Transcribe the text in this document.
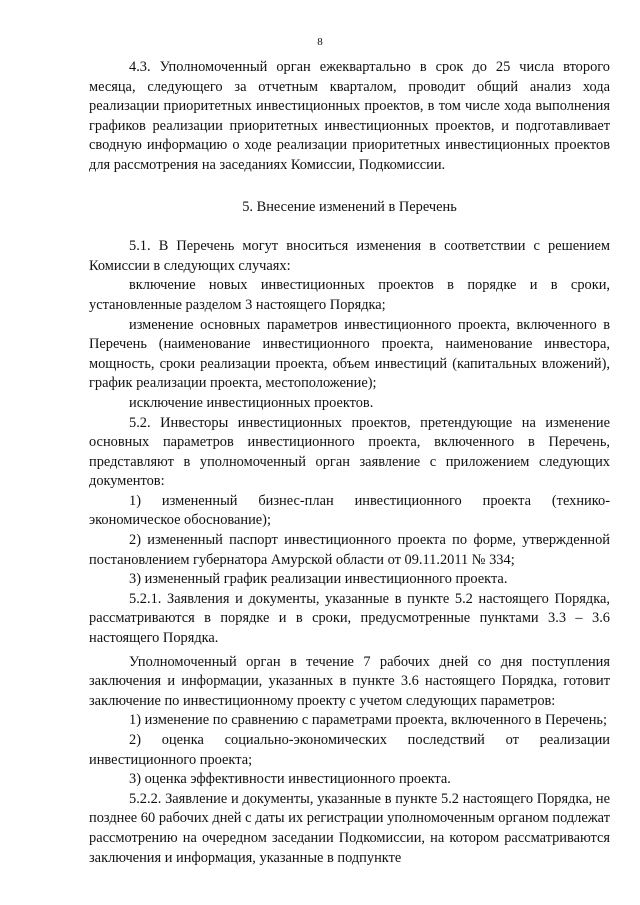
8

4.3. Уполномоченный орган ежеквартально в срок до 25 числа второго месяца, следующего за отчетным кварталом, проводит общий анализ хода реализации приоритетных инвестиционных проектов, в том числе хода выполнения графиков реализации приоритетных инвестиционных проектов, и подготавливает сводную информацию о ходе реализации приоритетных инвестиционных проектов для рассмотрения на заседаниях Комиссии, Подкомиссии.

5. Внесение изменений в Перечень

5.1. В Перечень могут вноситься изменения в соответствии с решением Комиссии в следующих случаях:

включение новых инвестиционных проектов в порядке и в сроки, установленные разделом 3 настоящего Порядка;

изменение основных параметров инвестиционного проекта, включенного в Перечень (наименование инвестиционного проекта, наименование инвестора, мощность, сроки реализации проекта, объем инвестиций (капитальных вложений), график реализации проекта, местоположение);

исключение инвестиционных проектов.

5.2. Инвесторы инвестиционных проектов, претендующие на изменение основных параметров инвестиционного проекта, включенного в Перечень, представляют в уполномоченный орган заявление с приложением следующих документов:

1) измененный бизнес-план инвестиционного проекта (технико-экономическое обоснование);

2) измененный паспорт инвестиционного проекта по форме, утвержденной постановлением губернатора Амурской области от 09.11.2011 № 334;

3) измененный график реализации инвестиционного проекта.

5.2.1. Заявления и документы, указанные в пункте 5.2 настоящего Порядка, рассматриваются в порядке и в сроки, предусмотренные пунктами 3.3 – 3.6 настоящего Порядка.

Уполномоченный орган в течение 7 рабочих дней со дня поступления заключения и информации, указанных в пункте 3.6 настоящего Порядка, готовит заключение по инвестиционному проекту с учетом следующих параметров:

1) изменение по сравнению с параметрами проекта, включенного в Перечень;

2) оценка социально-экономических последствий от реализации инвестиционного проекта;

3) оценка эффективности инвестиционного проекта.

5.2.2. Заявление и документы, указанные в пункте 5.2 настоящего Порядка, не позднее 60 рабочих дней с даты их регистрации уполномоченным органом подлежат рассмотрению на очередном заседании Подкомиссии, на котором рассматриваются заключения и информация, указанные в подпункте
